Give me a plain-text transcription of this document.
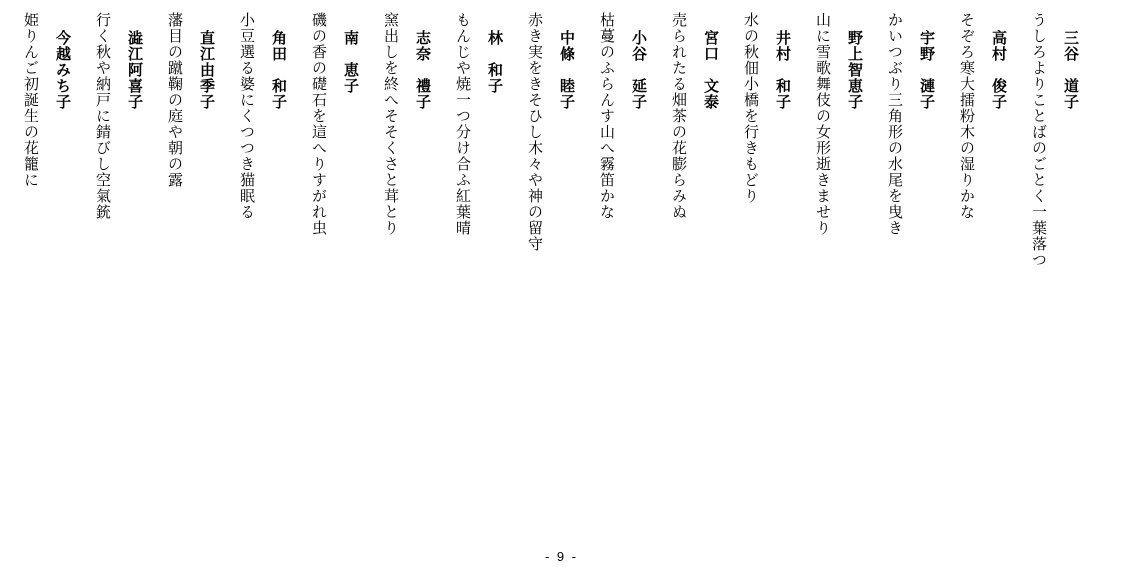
三谷　道子
うしろよりことばのごとく一葉落つ
高村　俊子
そぞろ寒大擂粉木の湿りかな
宇野　漣子
かいつぶり三角形の水尾を曳き
野上智恵子
山に雪歌舞伎の女形逝きませり
井村　和子
水の秋佃小橋を行きもどり
宮口　文泰
売られたる畑茶の花膨らみぬ
小谷　延子
枯蔓のふらんす山へ霧笛かな
中條　睦子
赤き実をきそひし木々や神の留守
林　和子
もんじや焼一つ分け合ふ紅葉晴
志奈　禮子
窯出しを終へそそくさと茸とり
南　恵子
磯の香の礎石を這へりすがれ虫
角田　和子
小豆選る婆にくつつき猫眠る
直江由季子
藩目の蹴鞠の庭や朝の露
澁江阿喜子
行く秋や納戸に錆びし空氣銃
今越みち子
姫りんご初誕生の花籠に
- 9 -
